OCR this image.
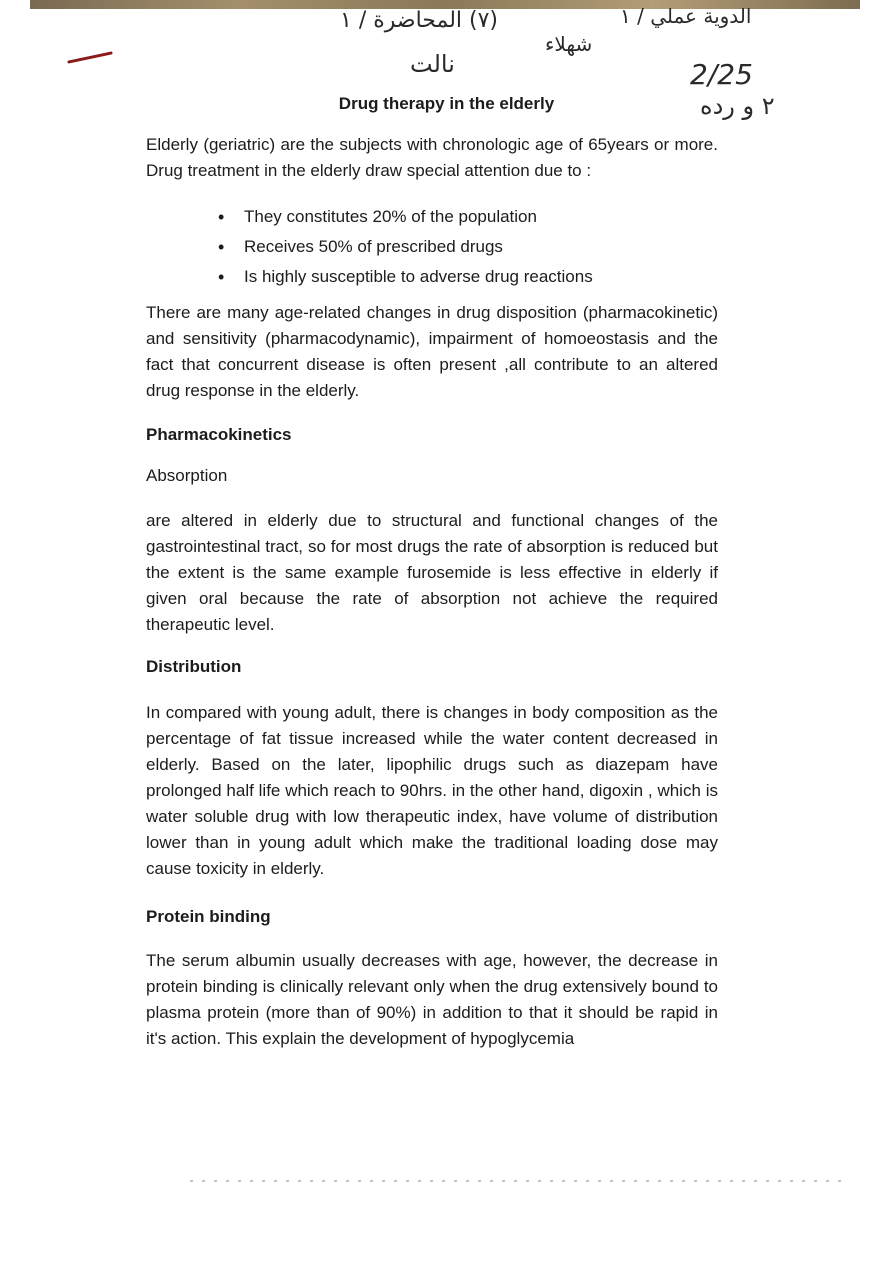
(٧) المحاضرة / ١	الدوية عملي / ١
نالت
شهلاء
2/25
٢ و رده
Drug therapy in the elderly
Elderly (geriatric) are the subjects with chronologic age of 65years or more. Drug treatment in the elderly draw special attention due to :
• They constitutes 20% of the population
• Receives 50% of prescribed drugs
• Is highly susceptible to adverse drug reactions
There are many age-related changes in drug disposition (pharmacokinetic) and sensitivity (pharmacodynamic), impairment of homoeostasis and the fact that concurrent disease is often present ,all contribute to an altered drug response in the elderly.
Pharmacokinetics
Absorption
are altered in elderly due to structural and functional changes of the gastrointestinal tract, so for most drugs the rate of absorption is reduced but the extent is the same example furosemide is less effective in elderly if given oral because the rate of absorption not achieve the required therapeutic level.
Distribution
In compared with young adult, there is changes in body composition as the percentage of fat tissue increased while the water content decreased in elderly. Based on the later, lipophilic drugs such as diazepam have prolonged half life which reach to 90hrs. in the other hand, digoxin , which is water soluble drug with low therapeutic index, have volume of distribution lower than in young adult which make the traditional loading dose may cause toxicity in elderly.
Protein binding
The serum albumin usually decreases with age, however, the decrease in protein binding is clinically relevant only when the drug extensively bound to plasma protein (more than of 90%) in addition to that it should be rapid in it's action. This explain the development of hypoglycemia
